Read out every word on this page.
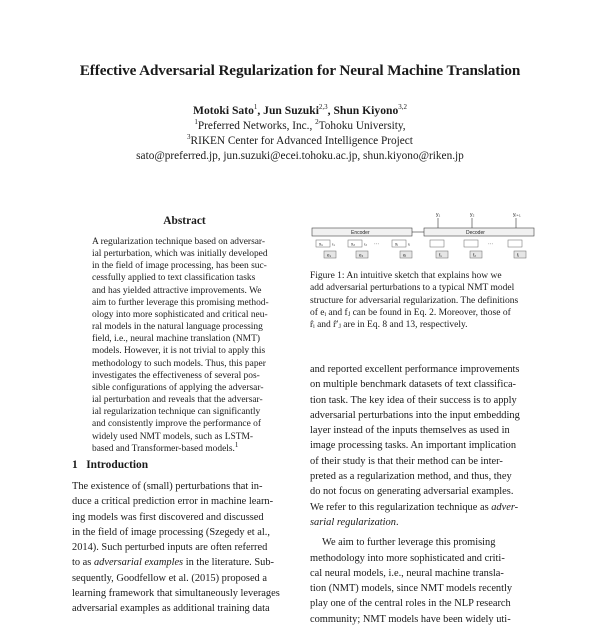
Effective Adversarial Regularization for Neural Machine Translation
Motoki Sato$^1$, Jun Suzuki$^{2,3}$, Shun Kiyono$^{3,2}$
$^1$Preferred Networks, Inc., $^2$Tohoku University,
$^3$RIKEN Center for Advanced Intelligence Project
sato@preferred.jp, jun.suzuki@ecei.tohoku.ac.jp, shun.kiyono@riken.jp
Abstract
A regularization technique based on adversar-
ial perturbation, which was initially developed
in the field of image processing, has been suc-
cessfully applied to text classification tasks
and has yielded attractive improvements. We
aim to further leverage this promising method-
ology into more sophisticated and critical neu-
ral models in the natural language processing
field, i.e., neural machine translation (NMT)
models. However, it is not trivial to apply this
methodology to such models. Thus, this paper
investigates the effectiveness of several pos-
sible configurations of applying the adversar-
ial perturbation and reveals that the adversar-
ial regularization technique can significantly
and consistently improve the performance of
widely used NMT models, such as LSTM-
based and Transformer-based models.$^1$
1 Introduction
The existence of (small) perturbations that in-
duce a critical prediction error in machine learn-
ing models was first discovered and discussed
in the field of image processing (Szegedy et al.,
2014). Such perturbed inputs are often referred
to as adversarial examples in the literature. Sub-
sequently, Goodfellow et al. (2015) proposed a
learning framework that simultaneously leverages
adversarial examples as additional training data
y₁	y₂	yⱼ₊₁
Encoder	Decoder
x₁	x₂	xᵢ
r₁	r₂	rᵢ
···	···
e₁	e₂	eᵢ	f₁	f₂	fⱼ
Figure 1: An intuitive sketch that explains how we
add adversarial perturbations to a typical NMT model
structure for adversarial regularization. The definitions
of eᵢ and fⱼ can be found in Eq. 2. Moreover, those of
r̂ᵢ and r̂′ⱼ are in Eq. 8 and 13, respectively.
and reported excellent performance improvements
on multiple benchmark datasets of text classifica-
tion task. The key idea of their success is to apply
adversarial perturbations into the input embedding
layer instead of the inputs themselves as used in
image processing tasks. An important implication
of their study is that their method can be inter-
preted as a regularization method, and thus, they
do not focus on generating adversarial examples.
We refer to this regularization technique as adver-
sarial regularization.
We aim to further leverage this promising
methodology into more sophisticated and criti-
cal neural models, i.e., neural machine transla-
tion (NMT) models, since NMT models recently
play one of the central roles in the NLP research
community; NMT models have been widely uti-
